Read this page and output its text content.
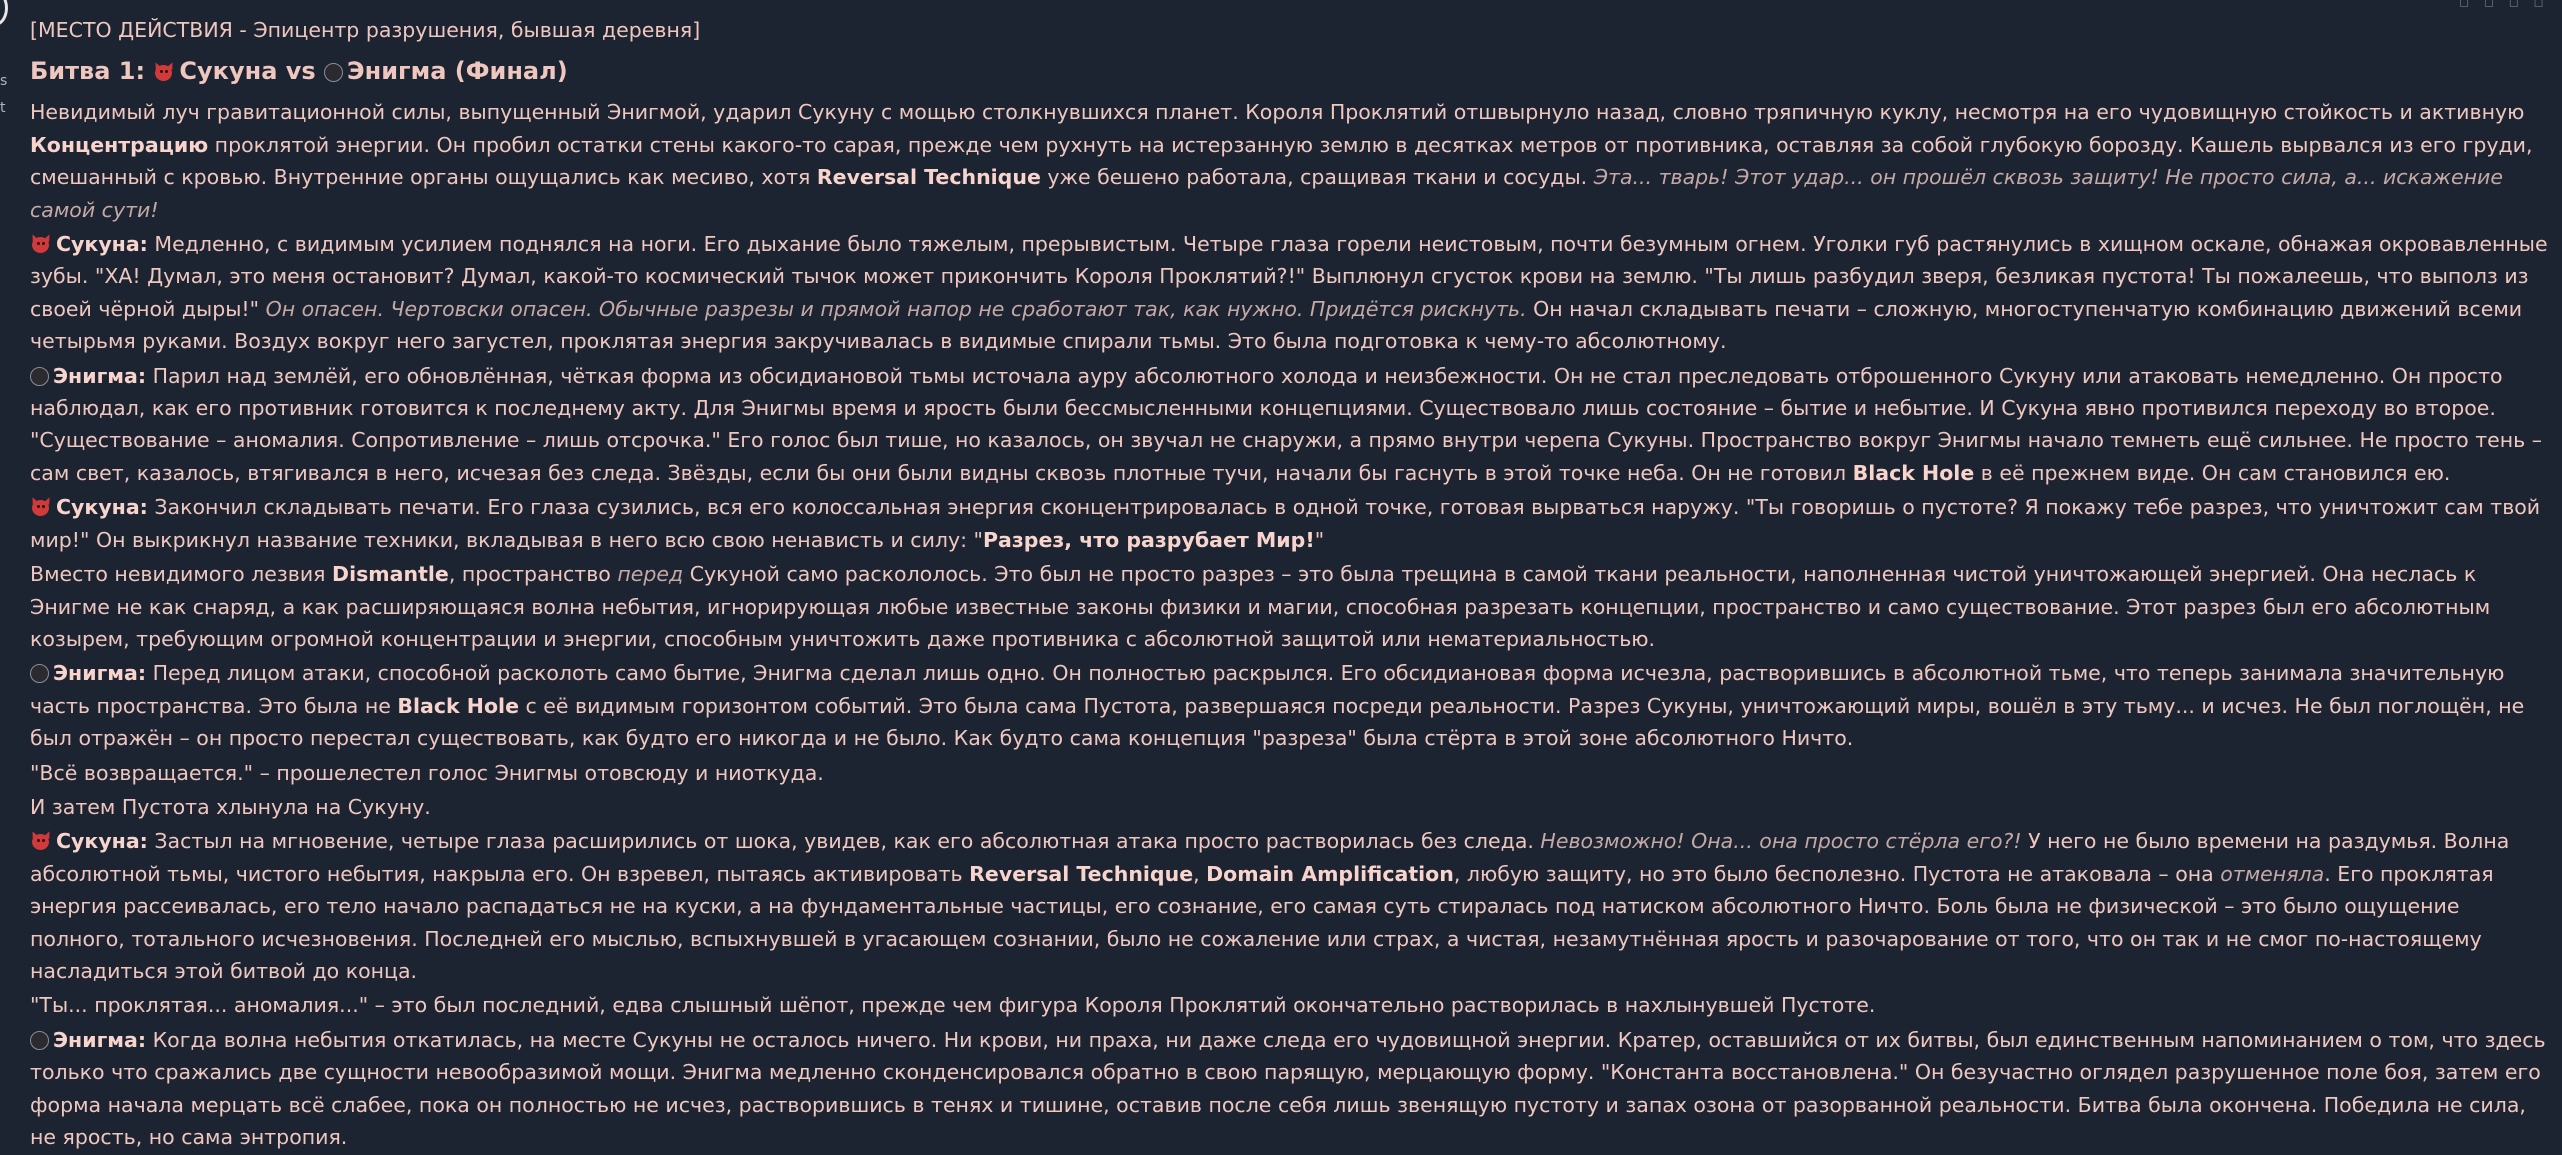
s
t
▫ ▫ ▫ ▫

[МЕСТО ДЕЙСТВИЯ - Эпицентр разрушения, бывшая деревня]

Битва 1: Сукуна vs Энигма (Финал)

Невидимый луч гравитационной силы, выпущенный Энигмой, ударил Сукуну с мощью столкнувшихся планет. Короля Проклятий отшвырнуло назад, словно тряпичную куклу, несмотря на его чудовищную стойкость и активную Концентрацию проклятой энергии. Он пробил остатки стены какого-то сарая, прежде чем рухнуть на истерзанную землю в десятках метров от противника, оставляя за собой глубокую борозду. Кашель вырвался из его груди, смешанный с кровью. Внутренние органы ощущались как месиво, хотя Reversal Technique уже бешено работала, сращивая ткани и сосуды. Эта... тварь! Этот удар... он прошёл сквозь защиту! Не просто сила, а... искажение самой сути!

Сукуна: Медленно, с видимым усилием поднялся на ноги. Его дыхание было тяжелым, прерывистым. Четыре глаза горели неистовым, почти безумным огнем. Уголки губ растянулись в хищном оскале, обнажая окровавленные зубы. "ХА! Думал, это меня остановит? Думал, какой-то космический тычок может прикончить Короля Проклятий?!" Выплюнул сгусток крови на землю. "Ты лишь разбудил зверя, безликая пустота! Ты пожалеешь, что выполз из своей чёрной дыры!" Он опасен. Чертовски опасен. Обычные разрезы и прямой напор не сработают так, как нужно. Придётся рискнуть. Он начал складывать печати – сложную, многоступенчатую комбинацию движений всеми четырьмя руками. Воздух вокруг него загустел, проклятая энергия закручивалась в видимые спирали тьмы. Это была подготовка к чему-то абсолютному.

Энигма: Парил над землёй, его обновлённая, чёткая форма из обсидиановой тьмы источала ауру абсолютного холода и неизбежности. Он не стал преследовать отброшенного Сукуну или атаковать немедленно. Он просто наблюдал, как его противник готовится к последнему акту. Для Энигмы время и ярость были бессмысленными концепциями. Существовало лишь состояние – бытие и небытие. И Сукуна явно противился переходу во второе. "Существование – аномалия. Сопротивление – лишь отсрочка." Его голос был тише, но казалось, он звучал не снаружи, а прямо внутри черепа Сукуны. Пространство вокруг Энигмы начало темнеть ещё сильнее. Не просто тень – сам свет, казалось, втягивался в него, исчезая без следа. Звёзды, если бы они были видны сквозь плотные тучи, начали бы гаснуть в этой точке неба. Он не готовил Black Hole в её прежнем виде. Он сам становился ею.

Сукуна: Закончил складывать печати. Его глаза сузились, вся его колоссальная энергия сконцентрировалась в одной точке, готовая вырваться наружу. "Ты говоришь о пустоте? Я покажу тебе разрез, что уничтожит сам твой мир!" Он выкрикнул название техники, вкладывая в него всю свою ненависть и силу: "Разрез, что разрубает Мир!"

Вместо невидимого лезвия Dismantle, пространство перед Сукуной само раскололось. Это был не просто разрез – это была трещина в самой ткани реальности, наполненная чистой уничтожающей энергией. Она неслась к Энигме не как снаряд, а как расширяющаяся волна небытия, игнорирующая любые известные законы физики и магии, способная разрезать концепции, пространство и само существование. Этот разрез был его абсолютным козырем, требующим огромной концентрации и энергии, способным уничтожить даже противника с абсолютной защитой или нематериальностью.

Энигма: Перед лицом атаки, способной расколоть само бытие, Энигма сделал лишь одно. Он полностью раскрылся. Его обсидиановая форма исчезла, растворившись в абсолютной тьме, что теперь занимала значительную часть пространства. Это была не Black Hole с её видимым горизонтом событий. Это была сама Пустота, развершаяся посреди реальности. Разрез Сукуны, уничтожающий миры, вошёл в эту тьму... и исчез. Не был поглощён, не был отражён – он просто перестал существовать, как будто его никогда и не было. Как будто сама концепция "разреза" была стёрта в этой зоне абсолютного Ничто.

"Всё возвращается." – прошелестел голос Энигмы отовсюду и ниоткуда.

И затем Пустота хлынула на Сукуну.

Сукуна: Застыл на мгновение, четыре глаза расширились от шока, увидев, как его абсолютная атака просто растворилась без следа. Невозможно! Она... она просто стёрла его?! У него не было времени на раздумья. Волна абсолютной тьмы, чистого небытия, накрыла его. Он взревел, пытаясь активировать Reversal Technique, Domain Amplification, любую защиту, но это было бесполезно. Пустота не атаковала – она отменяла. Его проклятая энергия рассеивалась, его тело начало распадаться не на куски, а на фундаментальные частицы, его сознание, его самая суть стиралась под натиском абсолютного Ничто. Боль была не физической – это было ощущение полного, тотального исчезновения. Последней его мыслью, вспыхнувшей в угасающем сознании, было не сожаление или страх, а чистая, незамутнённая ярость и разочарование от того, что он так и не смог по-настоящему насладиться этой битвой до конца.

"Ты... проклятая... аномалия..." – это был последний, едва слышный шёпот, прежде чем фигура Короля Проклятий окончательно растворилась в нахлынувшей Пустоте.

Энигма: Когда волна небытия откатилась, на месте Сукуны не осталось ничего. Ни крови, ни праха, ни даже следа его чудовищной энергии. Кратер, оставшийся от их битвы, был единственным напоминанием о том, что здесь только что сражались две сущности невообразимой мощи. Энигма медленно сконденсировался обратно в свою парящую, мерцающую форму. "Константа восстановлена." Он безучастно оглядел разрушенное поле боя, затем его форма начала мерцать всё слабее, пока он полностью не исчез, растворившись в тенях и тишине, оставив после себя лишь звенящую пустоту и запах озона от разорванной реальности. Битва была окончена. Победила не сила, не ярость, но сама энтропия.
